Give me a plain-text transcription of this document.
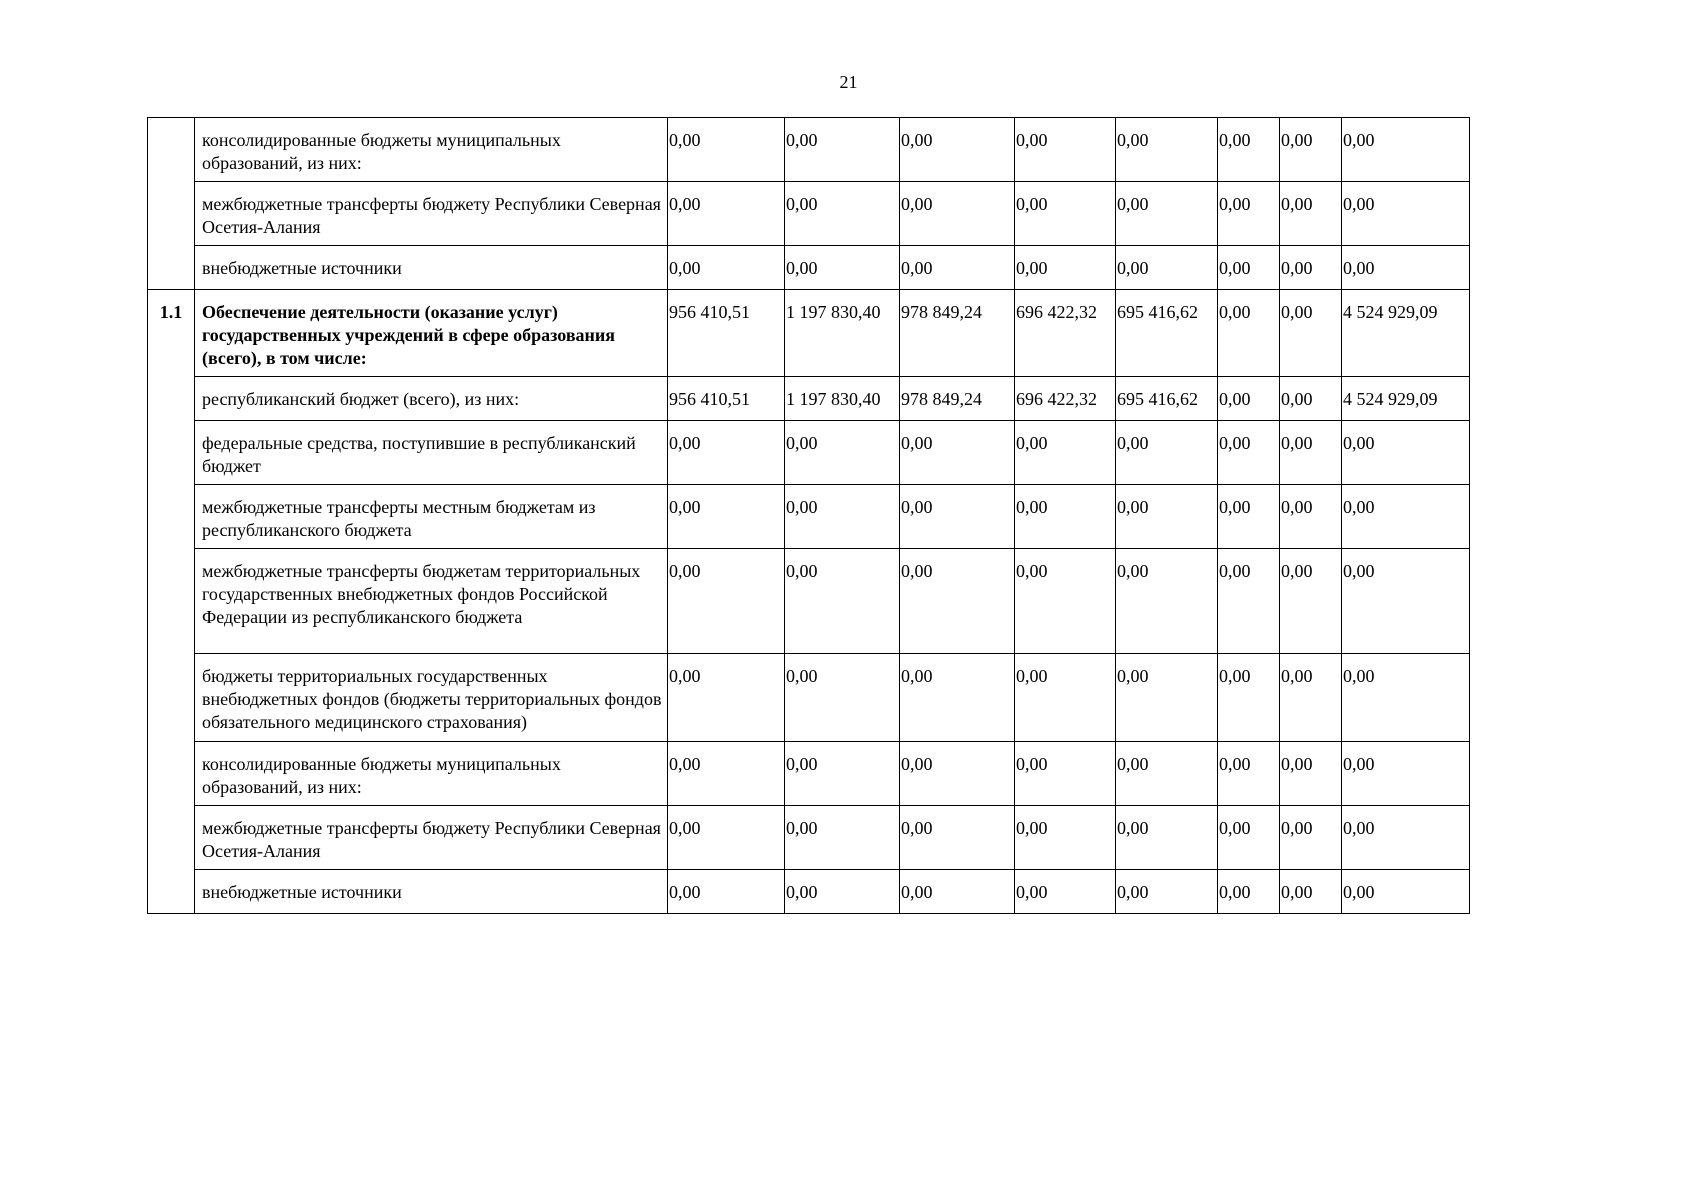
21
	консолидированные бюджеты муниципальных образований, из них:	0,00	0,00	0,00	0,00	0,00	0,00	0,00	0,00
	межбюджетные трансферты бюджету Республики Северная Осетия-Алания	0,00	0,00	0,00	0,00	0,00	0,00	0,00	0,00
	внебюджетные источники	0,00	0,00	0,00	0,00	0,00	0,00	0,00	0,00
1.1	Обеспечение деятельности (оказание услуг) государственных учреждений в сфере образования (всего), в том числе:	956 410,51	1 197 830,40	978 849,24	696 422,32	695 416,62	0,00	0,00	4 524 929,09
	республиканский бюджет (всего), из них:	956 410,51	1 197 830,40	978 849,24	696 422,32	695 416,62	0,00	0,00	4 524 929,09
	федеральные средства, поступившие в республиканский бюджет	0,00	0,00	0,00	0,00	0,00	0,00	0,00	0,00
	межбюджетные трансферты местным бюджетам из республиканского бюджета	0,00	0,00	0,00	0,00	0,00	0,00	0,00	0,00
	межбюджетные трансферты бюджетам территориальных государственных внебюджетных фондов Российской Федерации из республиканского бюджета	0,00	0,00	0,00	0,00	0,00	0,00	0,00	0,00
	бюджеты территориальных государственных внебюджетных фондов (бюджеты территориальных фондов обязательного медицинского страхования)	0,00	0,00	0,00	0,00	0,00	0,00	0,00	0,00
	консолидированные бюджеты муниципальных образований, из них:	0,00	0,00	0,00	0,00	0,00	0,00	0,00	0,00
	межбюджетные трансферты бюджету Республики Северная Осетия-Алания	0,00	0,00	0,00	0,00	0,00	0,00	0,00	0,00
	внебюджетные источники	0,00	0,00	0,00	0,00	0,00	0,00	0,00	0,00
